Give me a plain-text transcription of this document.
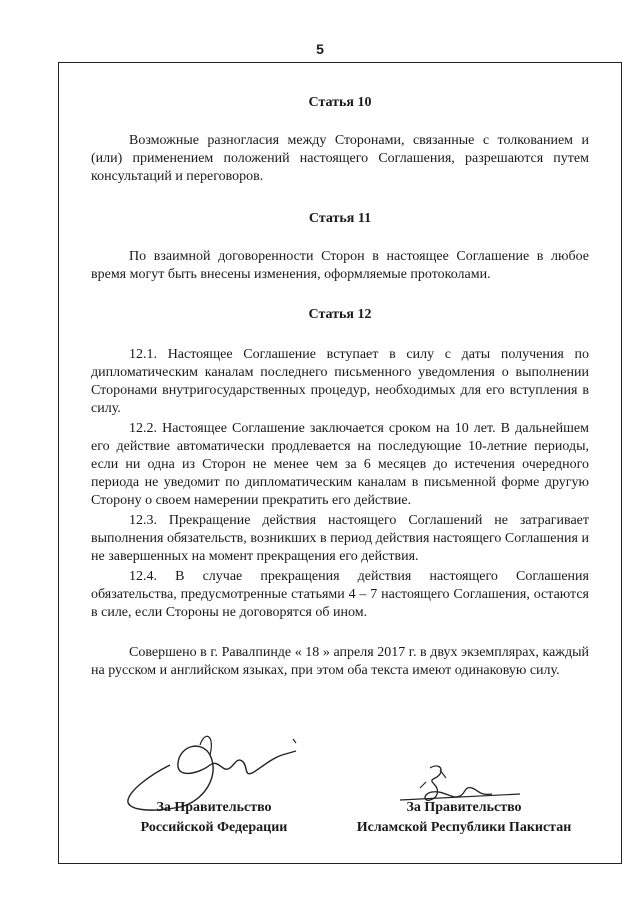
5
Статья 10

Возможные разногласия между Сторонами, связанные с толкованием и (или) применением положений настоящего Соглашения, разрешаются путем консультаций и переговоров.

Статья 11

По взаимной договоренности Сторон в настоящее Соглашение в любое время могут быть внесены изменения, оформляемые протоколами.

Статья 12

12.1. Настоящее Соглашение вступает в силу с даты получения по дипломатическим каналам последнего письменного уведомления о выполнении Сторонами внутригосударственных процедур, необходимых для его вступления в силу.

12.2. Настоящее Соглашение заключается сроком на 10 лет. В дальнейшем его действие автоматически продлевается на последующие 10-летние периоды, если ни одна из Сторон не менее чем за 6 месяцев до истечения очередного периода не уведомит по дипломатическим каналам в письменной форме другую Сторону о своем намерении прекратить его действие.

12.3. Прекращение действия настоящего Соглашений не затрагивает выполнения обязательств, возникших в период действия настоящего Соглашения и не завершенных на момент прекращения его действия.

12.4. В случае прекращения действия настоящего Соглашения обязательства, предусмотренные статьями 4 – 7 настоящего Соглашения, остаются в силе, если Стороны не договорятся об ином.

Совершено в г. Равалпинде « 18 » апреля 2017 г. в двух экземплярах, каждый на русском и английском языках, при этом оба текста имеют одинаковую силу.

За Правительство
Российской Федерации
За Правительство
Исламской Республики Пакистан
